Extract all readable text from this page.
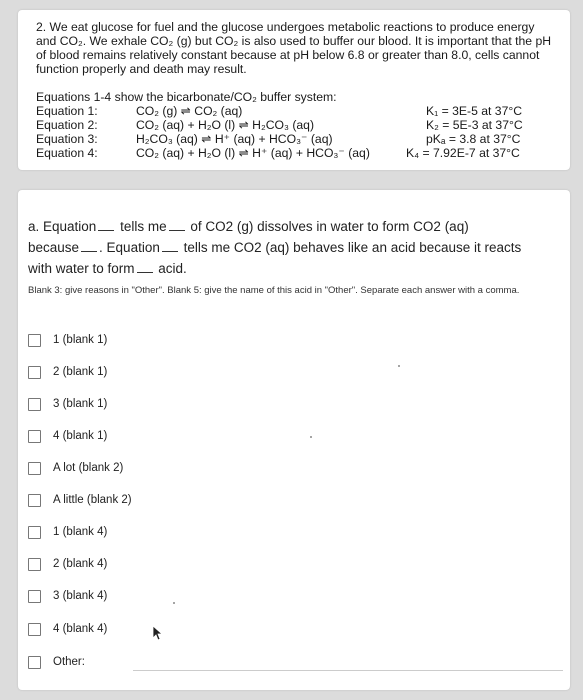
2. We eat glucose for fuel and the glucose undergoes metabolic reactions to produce energy and CO₂. We exhale CO₂ (g) but CO₂ is also used to buffer our blood. It is important that the pH of blood remains relatively constant because at pH below 6.8 or greater than 8.0, cells cannot function properly and death may result.
Equations 1-4 show the bicarbonate/CO₂ buffer system:
Equation 1:	CO₂ (g) ⇌ CO₂ (aq)	K₁ = 3E-5 at 37°C
Equation 2:	CO₂ (aq) + H₂O (l) ⇌ H₂CO₃ (aq)	K₂ = 5E-3 at 37°C
Equation 3:	H₂CO₃ (aq) ⇌ H⁺ (aq) + HCO₃⁻ (aq)	pKₐ = 3.8 at 37°C
Equation 4:	CO₂ (aq) + H₂O (l) ⇌ H⁺ (aq) + HCO₃⁻ (aq)	K₄ = 7.92E-7 at 37°C

a. Equation tells me of CO2 (g) dissolves in water to form CO2 (aq)

because . Equation tells me CO2 (aq) behaves like an acid because it reacts

with water to form acid.

Blank 3: give reasons in "Other". Blank 5: give the name of this acid in "Other". Separate each answer with a comma.
1 (blank 1)
2 (blank 1)
3 (blank 1)
4 (blank 1)
A lot (blank 2)
A little (blank 2)
1 (blank 4)
2 (blank 4)
3 (blank 4)
4 (blank 4)
Other:
